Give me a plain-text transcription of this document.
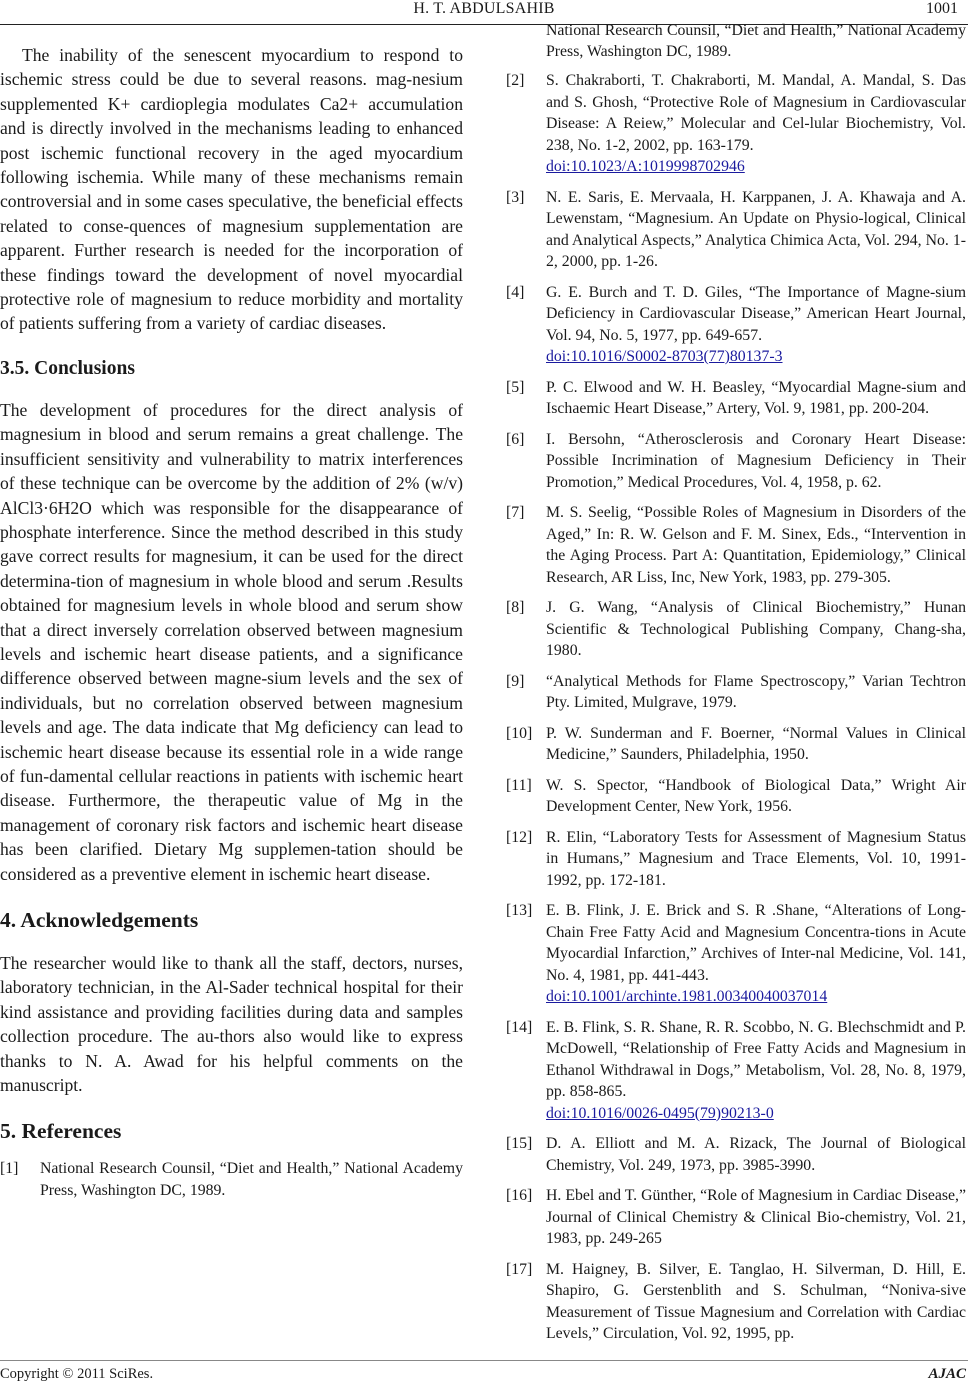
H. T. ABDULSAHIB	1001

The inability of the senescent myocardium to respond to ischemic stress could be due to several reasons. mag-nesium supplemented K+ cardioplegia modulates Ca2+ accumulation and is directly involved in the mechanisms leading to enhanced post ischemic functional recovery in the aged myocardium following ischemia. While many of these mechanisms remain controversial and in some cases speculative, the beneficial effects related to conse-quences of magnesium supplementation are apparent. Further research is needed for the incorporation of these findings toward the development of novel myocardial protective role of magnesium to reduce morbidity and mortality of patients suffering from a variety of cardiac diseases.

3.5. Conclusions

The development of procedures for the direct analysis of magnesium in blood and serum remains a great challenge. The insufficient sensitivity and vulnerability to matrix interferences of these technique can be overcome by the addition of 2% (w/v) AlCl3·6H2O which was responsible for the disappearance of phosphate interference. Since the method described in this study gave correct results for magnesium, it can be used for the direct determina-tion of magnesium in whole blood and serum .Results obtained for magnesium levels in whole blood and serum show that a direct inversely correlation observed between magnesium levels and ischemic heart disease patients, and a significance difference observed between magne-sium levels and the sex of individuals, but no correlation observed between magnesium levels and age. The data indicate that Mg deficiency can lead to ischemic heart disease because its essential role in a wide range of fun-damental cellular reactions in patients with ischemic heart disease. Furthermore, the therapeutic value of Mg in the management of coronary risk factors and ischemic heart disease has been clarified. Dietary Mg supplemen-tation should be considered as a preventive element in ischemic heart disease.

4. Acknowledgements

The researcher would like to thank all the staff, dectors, nurses, laboratory technician, in the Al-Sader technical hospital for their kind assistance and providing facilities during data and samples collection procedure. The au-thors also would like to express thanks to N. A. Awad for his helpful comments on the manuscript.

5. References

[1] National Research Counsil, “Diet and Health,” National Academy Press, Washington DC, 1989.

National Research Counsil, “Diet and Health,” National Academy Press, Washington DC, 1989.

[2] S. Chakraborti, T. Chakraborti, M. Mandal, A. Mandal, S. Das and S. Ghosh, “Protective Role of Magnesium in Cardiovascular Disease: A Reiew,” Molecular and Cel-lular Biochemistry, Vol. 238, No. 1-2, 2002, pp. 163-179.
doi:10.1023/A:1019998702946

[3] N. E. Saris, E. Mervaala, H. Karppanen, J. A. Khawaja and A. Lewenstam, “Magnesium. An Update on Physio-logical, Clinical and Analytical Aspects,” Analytica Chimica Acta, Vol. 294, No. 1-2, 2000, pp. 1-26.

[4] G. E. Burch and T. D. Giles, “The Importance of Magne-sium Deficiency in Cardiovascular Disease,” American Heart Journal, Vol. 94, No. 5, 1977, pp. 649-657.
doi:10.1016/S0002-8703(77)80137-3

[5] P. C. Elwood and W. H. Beasley, “Myocardial Magne-sium and Ischaemic Heart Disease,” Artery, Vol. 9, 1981, pp. 200-204.

[6] I. Bersohn, “Atherosclerosis and Coronary Heart Disease: Possible Incrimination of Magnesium Deficiency in Their Promotion,” Medical Procedures, Vol. 4, 1958, p. 62.

[7] M. S. Seelig, “Possible Roles of Magnesium in Disorders of the Aged,” In: R. W. Gelson and F. M. Sinex, Eds., “Intervention in the Aging Process. Part A: Quantitation, Epidemiology,” Clinical Research, AR Liss, Inc, New York, 1983, pp. 279-305.

[8] J. G. Wang, “Analysis of Clinical Biochemistry,” Hunan Scientific & Technological Publishing Company, Chang-sha, 1980.

[9] “Analytical Methods for Flame Spectroscopy,” Varian Techtron Pty. Limited, Mulgrave, 1979.

[10] P. W. Sunderman and F. Boerner, “Normal Values in Clinical Medicine,” Saunders, Philadelphia, 1950.

[11] W. S. Spector, “Handbook of Biological Data,” Wright Air Development Center, New York, 1956.

[12] R. Elin, “Laboratory Tests for Assessment of Magnesium Status in Humans,” Magnesium and Trace Elements, Vol. 10, 1991-1992, pp. 172-181.

[13] E. B. Flink, J. E. Brick and S. R .Shane, “Alterations of Long-Chain Free Fatty Acid and Magnesium Concentra-tions in Acute Myocardial Infarction,” Archives of Inter-nal Medicine, Vol. 141, No. 4, 1981, pp. 441-443.
doi:10.1001/archinte.1981.00340040037014

[14] E. B. Flink, S. R. Shane, R. R. Scobbo, N. G. Blechschmidt and P. McDowell, “Relationship of Free Fatty Acids and Magnesium in Ethanol Withdrawal in Dogs,” Metabolism, Vol. 28, No. 8, 1979, pp. 858-865.
doi:10.1016/0026-0495(79)90213-0

[15] D. A. Elliott and M. A. Rizack, The Journal of Biological Chemistry, Vol. 249, 1973, pp. 3985-3990.

[16] H. Ebel and T. Günther, “Role of Magnesium in Cardiac Disease,” Journal of Clinical Chemistry & Clinical Bio-chemistry, Vol. 21, 1983, pp. 249-265

[17] M. Haigney, B. Silver, E. Tanglao, H. Silverman, D. Hill, E. Shapiro, G. Gerstenblith and S. Schulman, “Noniva-sive Measurement of Tissue Magnesium and Correlation with Cardiac Levels,” Circulation, Vol. 92, 1995, pp.

Copyright © 2011 SciRes.	AJAC
